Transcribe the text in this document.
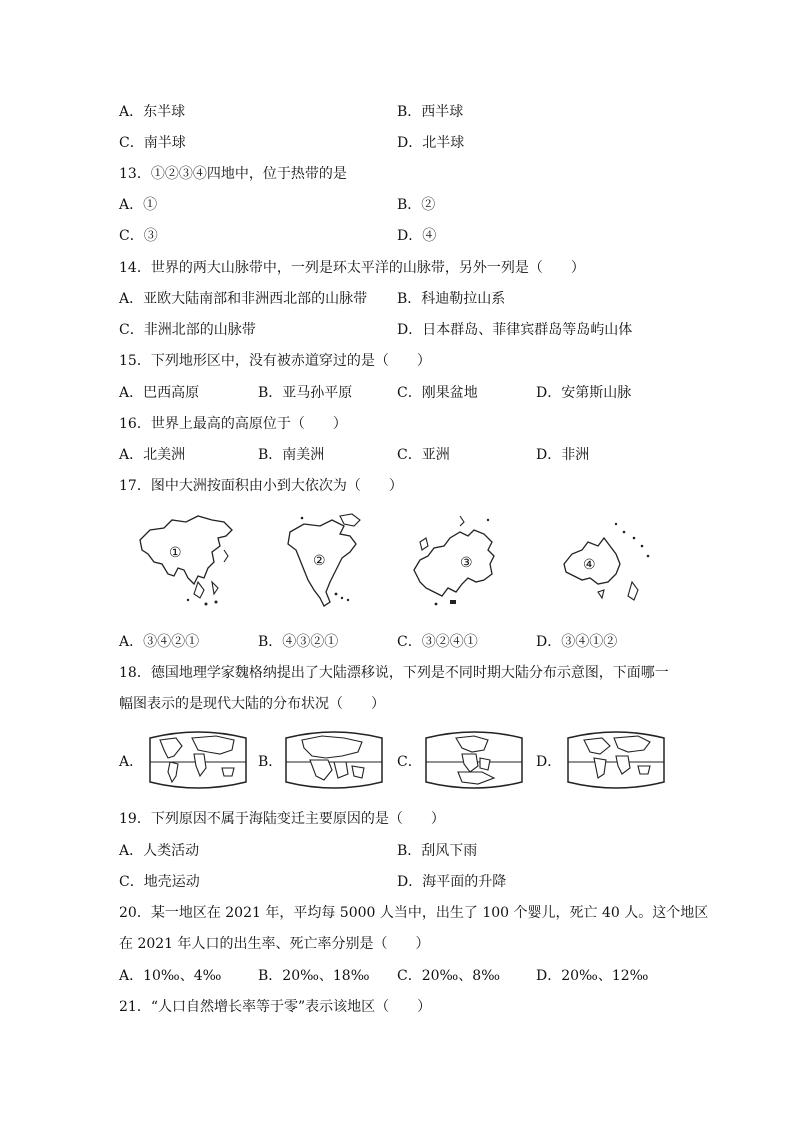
A．东半球	B．西半球
C．南半球	D．北半球
13．①②③④四地中，位于热带的是
A．①	B．②
C．③	D．④
14．世界的两大山脉带中，一列是环太平洋的山脉带，另外一列是（　　）
A．亚欧大陆南部和非洲西北部的山脉带 B．科迪勒拉山系
C．非洲北部的山脉带	D．日本群岛、菲律宾群岛等岛屿山体
15．下列地形区中，没有被赤道穿过的是（　　）
A．巴西高原	B．亚马孙平原	C．刚果盆地	D．安第斯山脉
16．世界上最高的高原位于（　　）
A．北美洲	B．南美洲	C．亚洲	D．非洲
17．图中大洲按面积由小到大依次为（　　）
①	②	③	④
A．③④②①	B．④③②①	C．③②④①	D．③④①②
18．德国地理学家魏格纳提出了大陆漂移说，下列是不同时期大陆分布示意图，下面哪一
幅图表示的是现代大陆的分布状况（　　）
A．	B．	C．	D．
19．下列原因不属于海陆变迁主要原因的是（　　）
A．人类活动	B．刮风下雨
C．地壳运动	D．海平面的升降
20．某一地区在 2021 年，平均每 5000 人当中，出生了 100 个婴儿，死亡 40 人。这个地区
在 2021 年人口的出生率、死亡率分别是（　　）
A．10‰、4‰	B．20‰、18‰ C．20‰、8‰	D．20‰、12‰
21．“人口自然增长率等于零”表示该地区（　　）
